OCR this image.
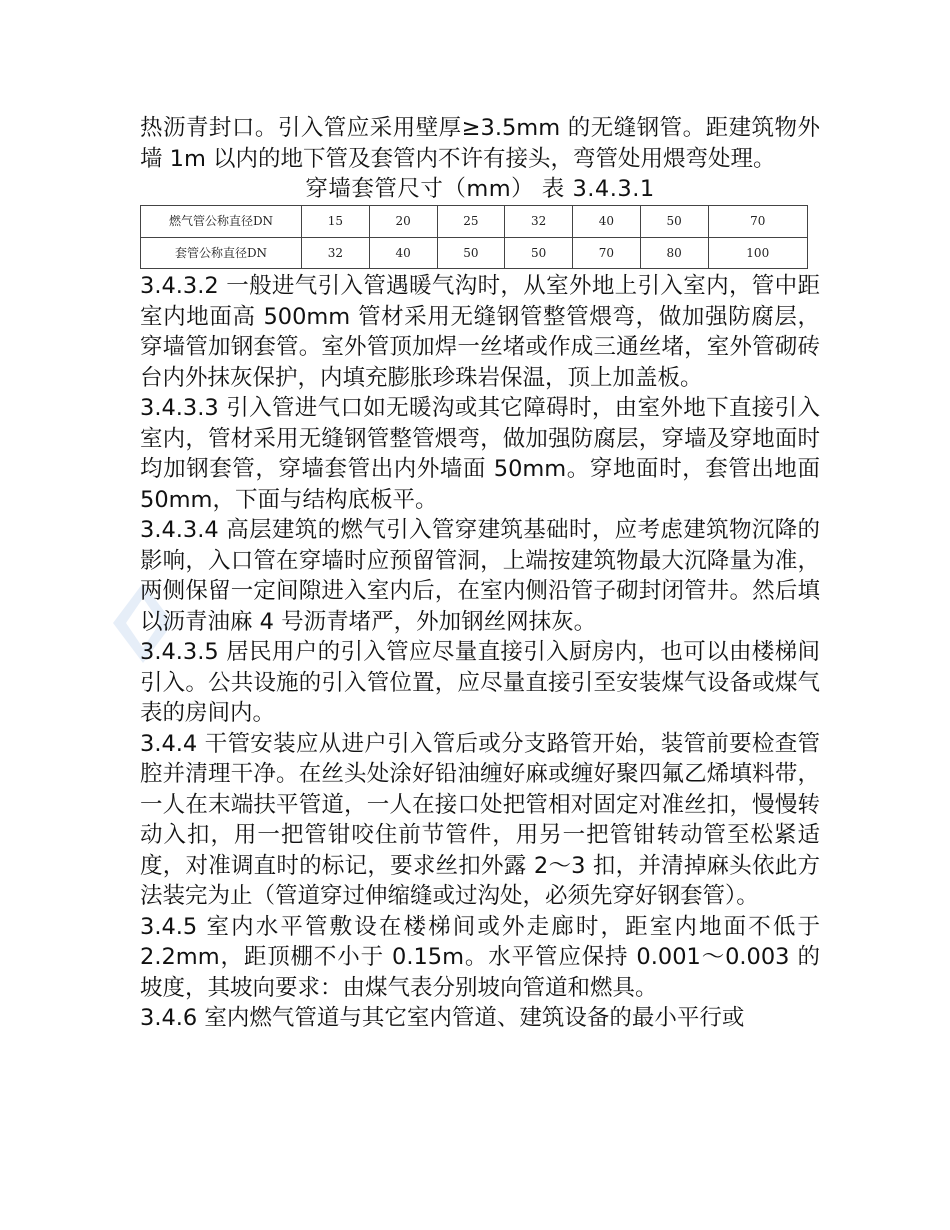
热沥青封口。引入管应采用壁厚≥3.5mm 的无缝钢管。距建筑物外墙 1m 以内的地下管及套管内不许有接头，弯管处用煨弯处理。

穿墙套管尺寸（mm） 表 3.4.3.1

燃气管公称直径DN	15	20	25	32	40	50	70
套管公称直径DN	32	40	50	50	70	80	100

3.4.3.2 一般进气引入管遇暖气沟时，从室外地上引入室内，管中距室内地面高 500mm 管材采用无缝钢管整管煨弯，做加强防腐层，穿墙管加钢套管。室外管顶加焊一丝堵或作成三通丝堵，室外管砌砖台内外抹灰保护，内填充膨胀珍珠岩保温，顶上加盖板。

3.4.3.3 引入管进气口如无暖沟或其它障碍时，由室外地下直接引入室内，管材采用无缝钢管整管煨弯，做加强防腐层，穿墙及穿地面时均加钢套管，穿墙套管出内外墙面 50mm。穿地面时，套管出地面 50mm，下面与结构底板平。

3.4.3.4 高层建筑的燃气引入管穿建筑基础时，应考虑建筑物沉降的影响，入口管在穿墙时应预留管洞，上端按建筑物最大沉降量为准，两侧保留一定间隙进入室内后，在室内侧沿管子砌封闭管井。然后填以沥青油麻 4 号沥青堵严，外加钢丝网抹灰。

3.4.3.5 居民用户的引入管应尽量直接引入厨房内，也可以由楼梯间引入。公共设施的引入管位置，应尽量直接引至安装煤气设备或煤气表的房间内。

3.4.4 干管安装应从进户引入管后或分支路管开始，装管前要检查管腔并清理干净。在丝头处涂好铅油缠好麻或缠好聚四氟乙烯填料带，一人在末端扶平管道，一人在接口处把管相对固定对准丝扣，慢慢转动入扣，用一把管钳咬住前节管件，用另一把管钳转动管至松紧适度，对准调直时的标记，要求丝扣外露 2～3 扣，并清掉麻头依此方法装完为止（管道穿过伸缩缝或过沟处，必须先穿好钢套管）。

3.4.5 室内水平管敷设在楼梯间或外走廊时，距室内地面不低于 2.2mm，距顶棚不小于 0.15m。水平管应保持 0.001～0.003 的坡度，其坡向要求：由煤气表分别坡向管道和燃具。

3.4.6 室内燃气管道与其它室内管道、建筑设备的最小平行或
